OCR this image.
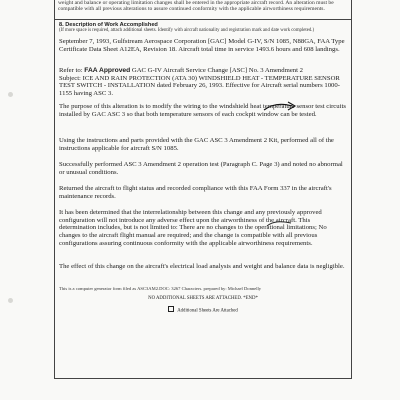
weight and balance or operating limitation changes shall be entered in the appropriate aircraft record. An alteration must be compatible with all previous alterations to assure continued conformity with the applicable airworthiness requirements.
8. Description of Work Accomplished
(If more space is required, attach additional sheets. Identify with aircraft nationality and registration mark and date work completed.)
September 7, 1993, Gulfstream Aerospace Corporation [GAC] Model G-IV, S/N 1085, N88GA, FAA Type Certificate Data Sheet A12EA, Revision 18. Aircraft total time in service 1493.6 hours and 608 landings.
Refer to: FAA Approved GAC G-IV Aircraft Service Change [ASC] No. 3 Amendment 2
Subject: ICE AND RAIN PROTECTION (ATA 30) WINDSHIELD HEAT - TEMPERATURE SENSOR TEST SWITCH - INSTALLATION dated February 26, 1993. Effective for Aircraft serial numbers 1000-1155 having ASC 3.
The purpose of this alteration is to modify the wiring to the windshield heat temperature sensor test circuits installed by GAC ASC 3 so that both temperature sensors of each cockpit window can be tested.
Using the instructions and parts provided with the GAC ASC 3 Amendment 2 Kit, performed all of the instructions applicable for aircraft S/N 1085.
Successfully performed ASC 3 Amendment 2 operation test (Paragraph C. Page 3) and noted no abnormal or unusual conditions.
Returned the aircraft to flight status and recorded compliance with this FAA Form 337 in the aircraft's maintenance records.
It has been determined that the interrelationship between this change and any previously approved configuration will not introduce any adverse effect upon the airworthiness of the aircraft. This determination includes, but is not limited to: There are no changes to the operational limitations; No changes to the aircraft flight manual are required; and the change is compatible with all previous configurations assuring continuous conformity with the applicable airworthiness requirements.
The effect of this change on the aircraft's electrical load analysis and weight and balance data is negligible.
This is a computer generator form filed as ASC3AM2.DOC: 3267 Characters. prepared by: Michael Donnelly
NO ADDITIONAL SHEETS ARE ATTACHED. *END*
Additional Sheets Are Attached
